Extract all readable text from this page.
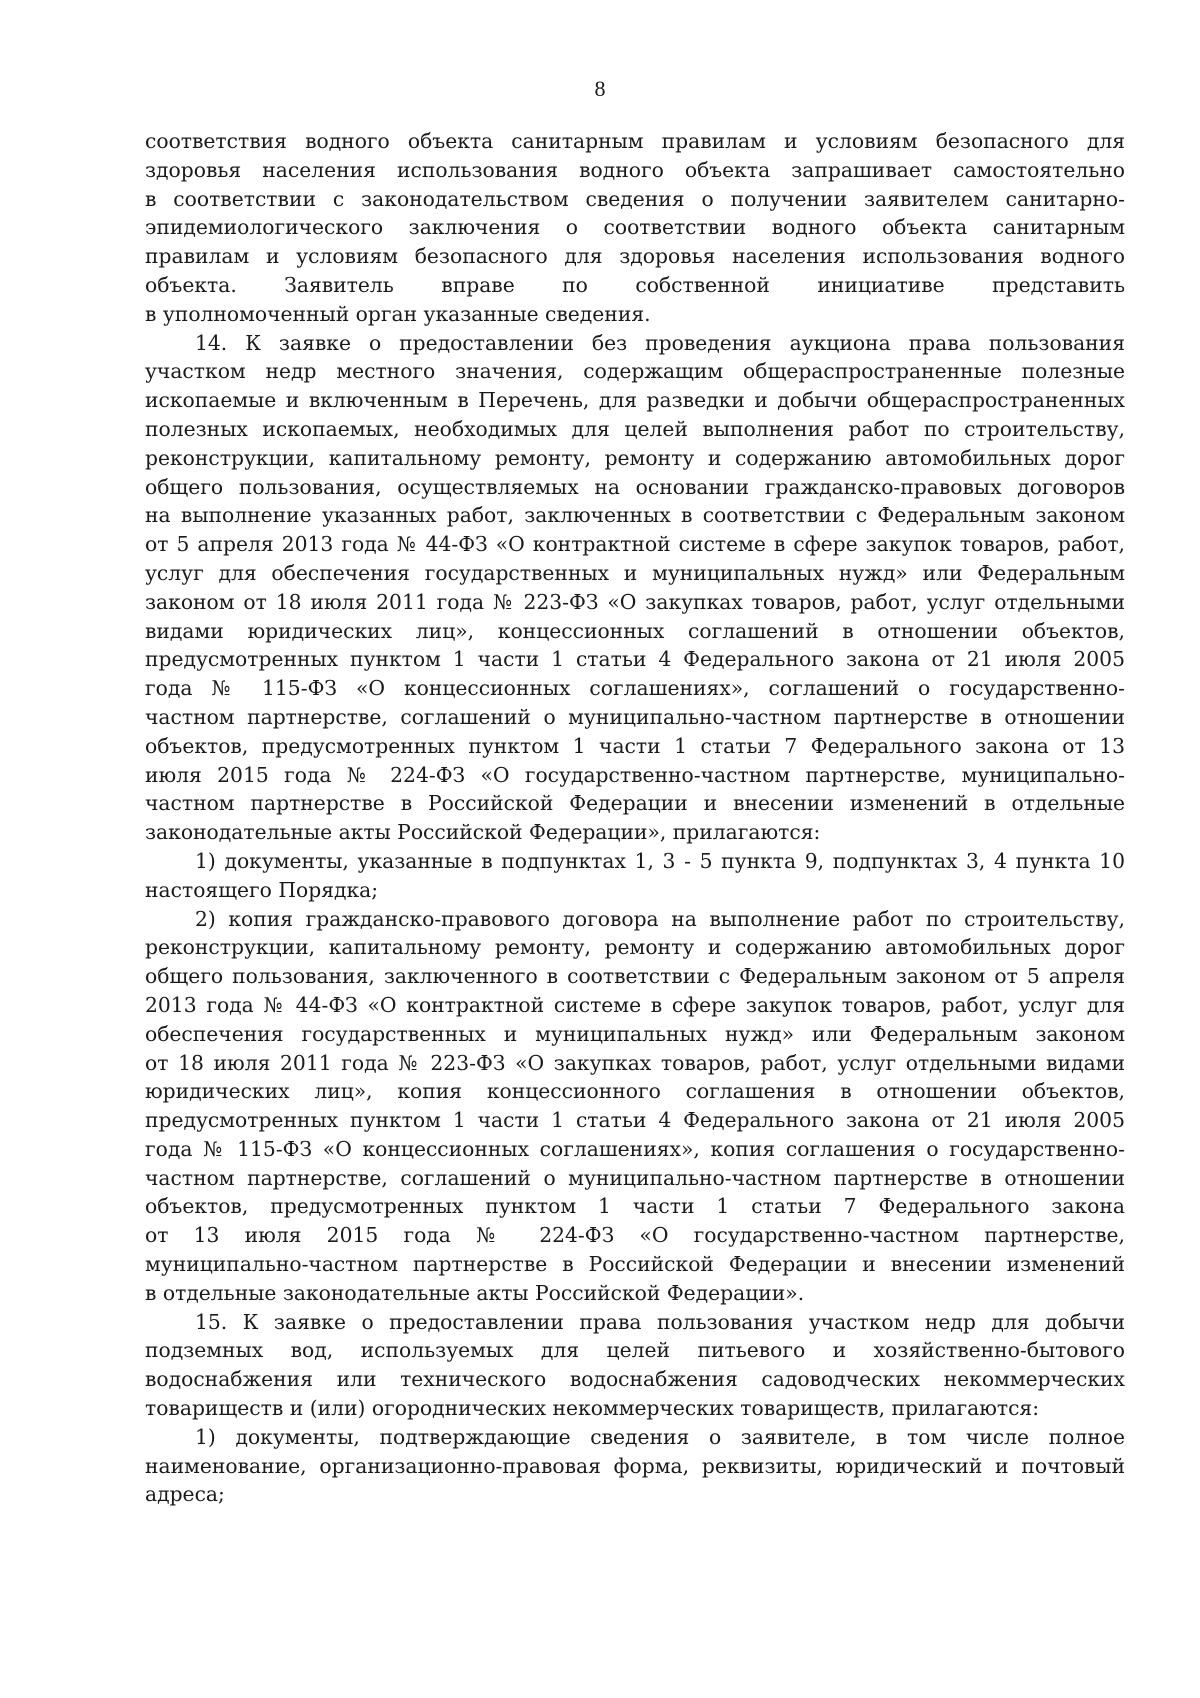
8
соответствия водного объекта санитарным правилам и условиям безопасного для
здоровья населения использования водного объекта запрашивает самостоятельно
в соответствии с законодательством сведения о получении заявителем санитарно-
эпидемиологического заключения о соответствии водного объекта санитарным
правилам и условиям безопасного для здоровья населения использования водного
объекта. Заявитель вправе по собственной инициативе представить
в уполномоченный орган указанные сведения.
14. К заявке о предоставлении без проведения аукциона права пользования
участком недр местного значения, содержащим общераспространенные полезные
ископаемые и включенным в Перечень, для разведки и добычи общераспространенных
полезных ископаемых, необходимых для целей выполнения работ по строительству,
реконструкции, капитальному ремонту, ремонту и содержанию автомобильных дорог
общего пользования, осуществляемых на основании гражданско-правовых договоров
на выполнение указанных работ, заключенных в соответствии с Федеральным законом
от 5 апреля 2013 года № 44-ФЗ «О контрактной системе в сфере закупок товаров, работ,
услуг для обеспечения государственных и муниципальных нужд» или Федеральным
законом от 18 июля 2011 года № 223-ФЗ «О закупках товаров, работ, услуг отдельными
видами юридических лиц», концессионных соглашений в отношении объектов,
предусмотренных пунктом 1 части 1 статьи 4 Федерального закона от 21 июля 2005
года № 115-ФЗ «О концессионных соглашениях», соглашений о государственно-
частном партнерстве, соглашений о муниципально-частном партнерстве в отношении
объектов, предусмотренных пунктом 1 части 1 статьи 7 Федерального закона от 13
июля 2015 года № 224-ФЗ «О государственно-частном партнерстве, муниципально-
частном партнерстве в Российской Федерации и внесении изменений в отдельные
законодательные акты Российской Федерации», прилагаются:
1) документы, указанные в подпунктах 1, 3 - 5 пункта 9, подпунктах 3, 4 пункта 10
настоящего Порядка;
2) копия гражданско-правового договора на выполнение работ по строительству,
реконструкции, капитальному ремонту, ремонту и содержанию автомобильных дорог
общего пользования, заключенного в соответствии с Федеральным законом от 5 апреля
2013 года № 44-ФЗ «О контрактной системе в сфере закупок товаров, работ, услуг для
обеспечения государственных и муниципальных нужд» или Федеральным законом
от 18 июля 2011 года № 223-ФЗ «О закупках товаров, работ, услуг отдельными видами
юридических лиц», копия концессионного соглашения в отношении объектов,
предусмотренных пунктом 1 части 1 статьи 4 Федерального закона от 21 июля 2005
года № 115-ФЗ «О концессионных соглашениях», копия соглашения о государственно-
частном партнерстве, соглашений о муниципально-частном партнерстве в отношении
объектов, предусмотренных пунктом 1 части 1 статьи 7 Федерального закона
от 13 июля 2015 года № 224-ФЗ «О государственно-частном партнерстве,
муниципально-частном партнерстве в Российской Федерации и внесении изменений
в отдельные законодательные акты Российской Федерации».
15. К заявке о предоставлении права пользования участком недр для добычи
подземных вод, используемых для целей питьевого и хозяйственно-бытового
водоснабжения или технического водоснабжения садоводческих некоммерческих
товариществ и (или) огороднических некоммерческих товариществ, прилагаются:
1) документы, подтверждающие сведения о заявителе, в том числе полное
наименование, организационно-правовая форма, реквизиты, юридический и почтовый
адреса;
